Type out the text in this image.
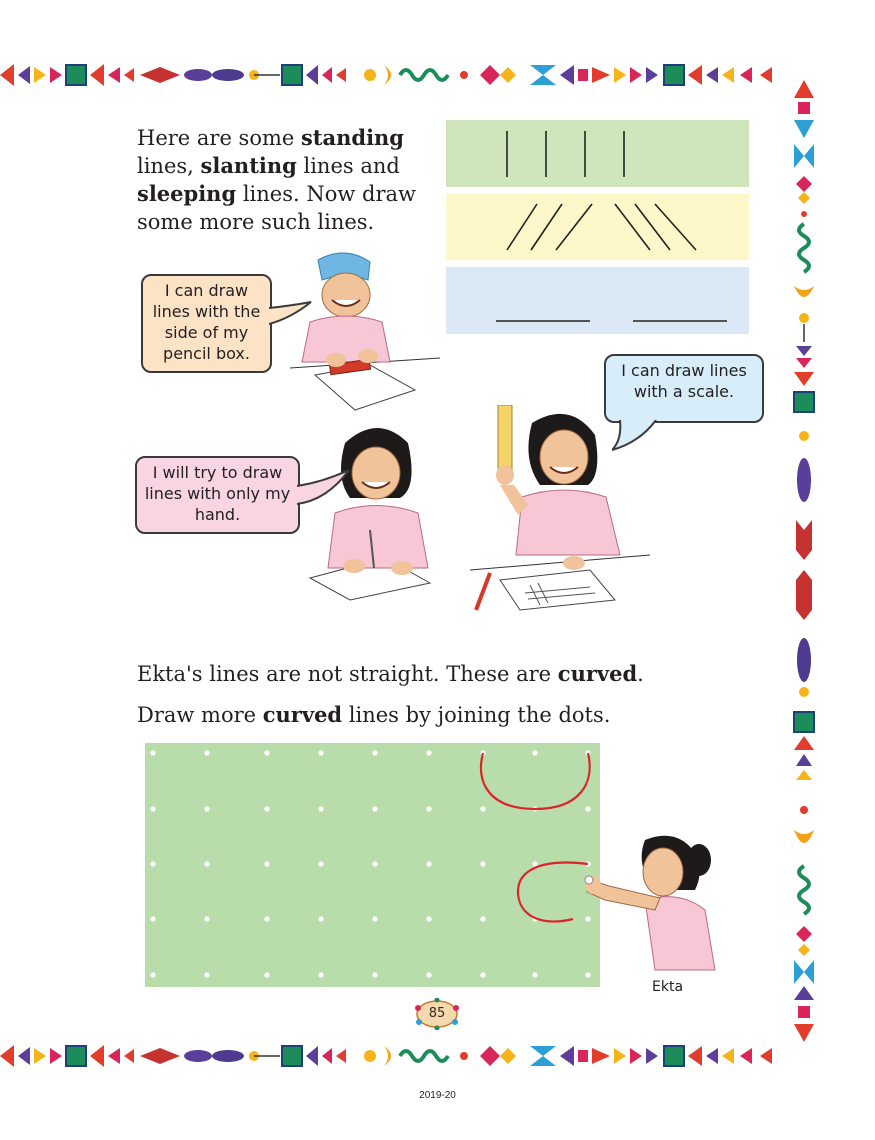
Here are some standing lines, slanting lines and sleeping lines. Now draw some more such lines.
I can draw lines with the side of my pencil box.
I can draw lines with a scale.
I will try to draw lines with only my hand.
Ekta's lines are not straight. These are curved.
Draw more curved lines by joining the dots.
Ekta
85
2019-20
